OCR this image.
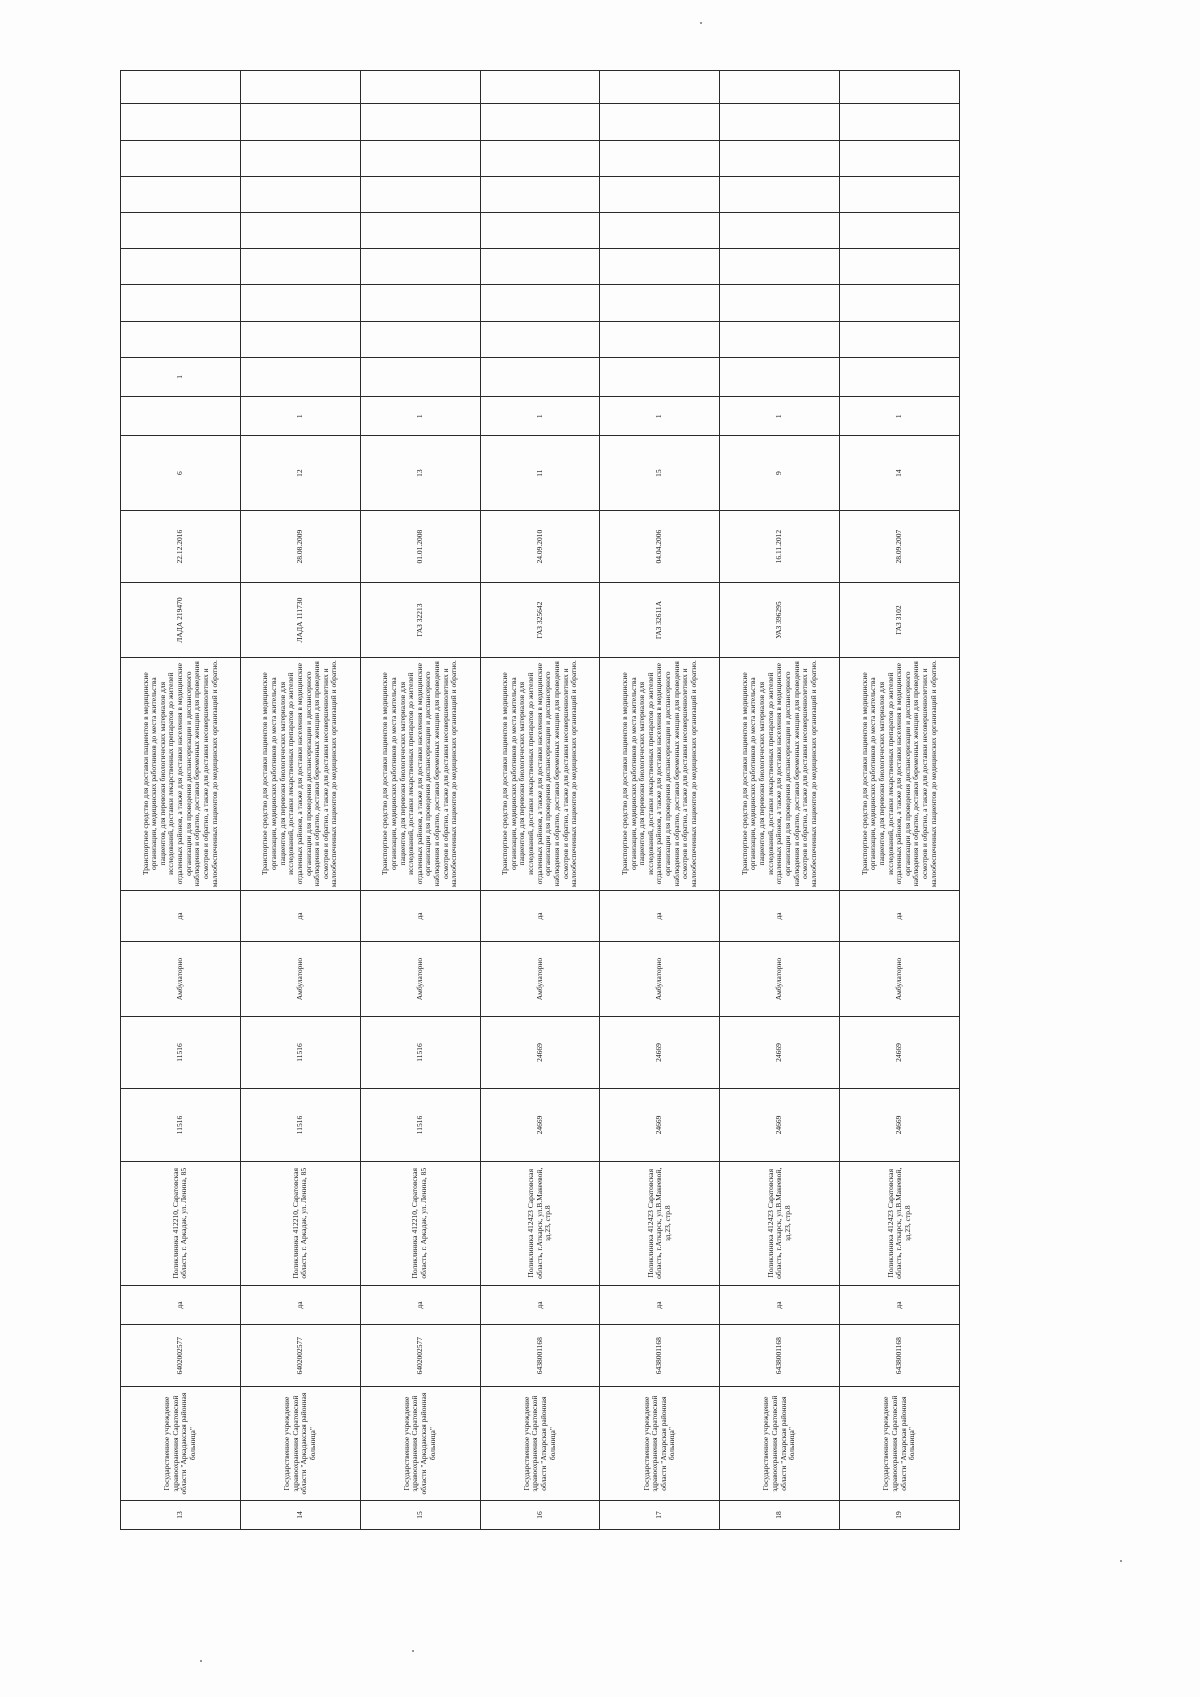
13	Государственное учреждение здравоохранения Саратовской области "Аркадакская районная больница"	6402002577	да	Поликлиника 412210, Саратовская область, г. Аркадак, ул. Ленина, 85	11516	11516	Амбулаторно	да	Транспортное средство для доставки пациентов в медицинские организации, медицинских работников до места жительства пациентов, для перевозки биологических материалов для исследований, доставки лекарственных препаратов до жителей отдаленных районов, а также для доставки населения в медицинские организации для проведения диспансеризации и диспансерного наблюдения и обратно, доставки беременных женщин для проведения осмотров и обратно, а также для доставки несовершеннолетних и малообеспеченных пациентов до медицинских организаций и обратно.	ЛАДА 219470	22.12.2016	6		1								
14	Государственное учреждение здравоохранения Саратовской области "Аркадакская районная больница"	6402002577	да	Поликлиника 412210, Саратовская область, г. Аркадак, ул. Ленина, 85	11516	11516	Амбулаторно	да	Транспортное средство для доставки пациентов в медицинские организации, медицинских работников до места жительства пациентов, для перевозки биологических материалов для исследований, доставки лекарственных препаратов до жителей отдаленных районов, а также для доставки населения в медицинские организации для проведения диспансеризации и диспансерного наблюдения и обратно, доставки беременных женщин для проведения осмотров и обратно, а также для доставки несовершеннолетних и малообеспеченных пациентов до медицинских организаций и обратно.	ЛАДА 111730	28.08.2009	12	1									
15	Государственное учреждение здравоохранения Саратовской области "Аркадакская районная больница"	6402002577	да	Поликлиника 412210, Саратовская область, г. Аркадак, ул. Ленина, 85	11516	11516	Амбулаторно	да	Транспортное средство для доставки пациентов в медицинские организации, медицинских работников до места жительства пациентов, для перевозки биологических материалов для исследований, доставки лекарственных препаратов до жителей отдаленных районов, а также для доставки населения в медицинские организации для проведения диспансеризации и диспансерного наблюдения и обратно, доставки беременных женщин для проведения осмотров и обратно, а также для доставки несовершеннолетних и малообеспеченных пациентов до медицинских организаций и обратно.	ГАЗ 32213	01.01.2008	13	1									
16	Государственное учреждение здравоохранения Саратовской области "Аткарская районная больница"	6438001168	да	Поликлиника 412423 Саратовская область, г.Аткарск, ул.В.Макеевой, зд.23, стр.8	24669	24669	Амбулаторно	да	Транспортное средство для доставки пациентов в медицинские организации, медицинских работников до места жительства пациентов, для перевозки биологических материалов для исследований, доставки лекарственных препаратов до жителей отдаленных районов, а также для доставки населения в медицинские организации для проведения диспансеризации и диспансерного наблюдения и обратно, доставки беременных женщин для проведения осмотров и обратно, а также для доставки несовершеннолетних и малообеспеченных пациентов до медицинских организаций и обратно.	ГАЗ 325642	24.09.2010	11	1									
17	Государственное учреждение здравоохранения Саратовской области "Аткарская районная больница"	6438001168	да	Поликлиника 412423 Саратовская область, г.Аткарск, ул.В.Макеевой, зд.23, стр.8	24669	24669	Амбулаторно	да	Транспортное средство для доставки пациентов в медицинские организации, медицинских работников до места жительства пациентов, для перевозки биологических материалов для исследований, доставки лекарственных препаратов до жителей отдаленных районов, а также для доставки населения в медицинские организации для проведения диспансеризации и диспансерного наблюдения и обратно, доставки беременных женщин для проведения осмотров и обратно, а также для доставки несовершеннолетних и малообеспеченных пациентов до медицинских организаций и обратно.	ГАЗ 32611А	04.04.2006	15	1									
18	Государственное учреждение здравоохранения Саратовской области "Аткарская районная больница"	6438001168	да	Поликлиника 412423 Саратовская область, г.Аткарск, ул.В.Макеевой, зд.23, стр.8	24669	24669	Амбулаторно	да	Транспортное средство для доставки пациентов в медицинские организации, медицинских работников до места жительства пациентов, для перевозки биологических материалов для исследований, доставки лекарственных препаратов до жителей отдаленных районов, а также для доставки населения в медицинские организации для проведения диспансеризации и диспансерного наблюдения и обратно, доставки беременных женщин для проведения осмотров и обратно, а также для доставки несовершеннолетних и малообеспеченных пациентов до медицинских организаций и обратно.	УАЗ 396295	16.11.2012	9	1									
19	Государственное учреждение здравоохранения Саратовской области "Аткарская районная больница"	6438001168	да	Поликлиника 412423 Саратовская область, г.Аткарск, ул.В.Макеевой, зд.23, стр.8	24669	24669	Амбулаторно	да	Транспортное средство для доставки пациентов в медицинские организации, медицинских работников до места жительства пациентов, для перевозки биологических материалов для исследований, доставки лекарственных препаратов до жителей отдаленных районов, а также для доставки населения в медицинские организации для проведения диспансеризации и диспансерного наблюдения и обратно, доставки беременных женщин для проведения осмотров и обратно, а также для доставки несовершеннолетних и малообеспеченных пациентов до медицинских организаций и обратно.	ГАЗ 3102	28.09.2007	14	1									
